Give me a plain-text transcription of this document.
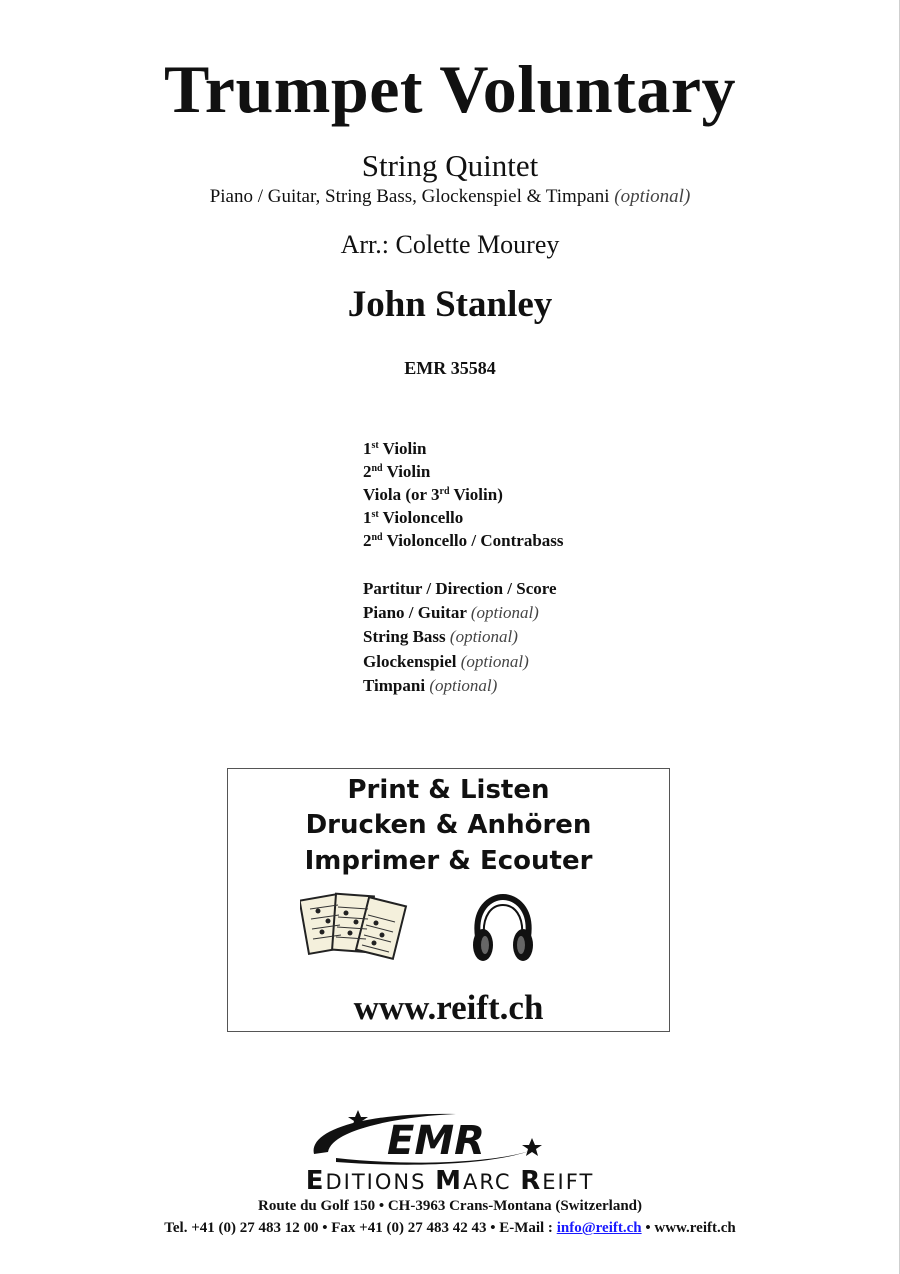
Trumpet Voluntary
String Quintet
Piano / Guitar, String Bass, Glockenspiel & Timpani (optional)
Arr.: Colette Mourey
John Stanley
EMR 35584
1st Violin
2nd Violin
Viola (or 3rd Violin)
1st Violoncello
2nd Violoncello / Contrabass
Partitur / Direction / Score
Piano / Guitar (optional)
String Bass (optional)
Glockenspiel (optional)
Timpani (optional)
Print & Listen
Drucken & Anhören
Imprimer & Ecouter
www.reift.ch
EMR
EDITIONS MARC REIFT
Route du Golf 150 • CH-3963 Crans-Montana (Switzerland)
Tel. +41 (0) 27 483 12 00 • Fax +41 (0) 27 483 42 43 • E-Mail : info@reift.ch • www.reift.ch
